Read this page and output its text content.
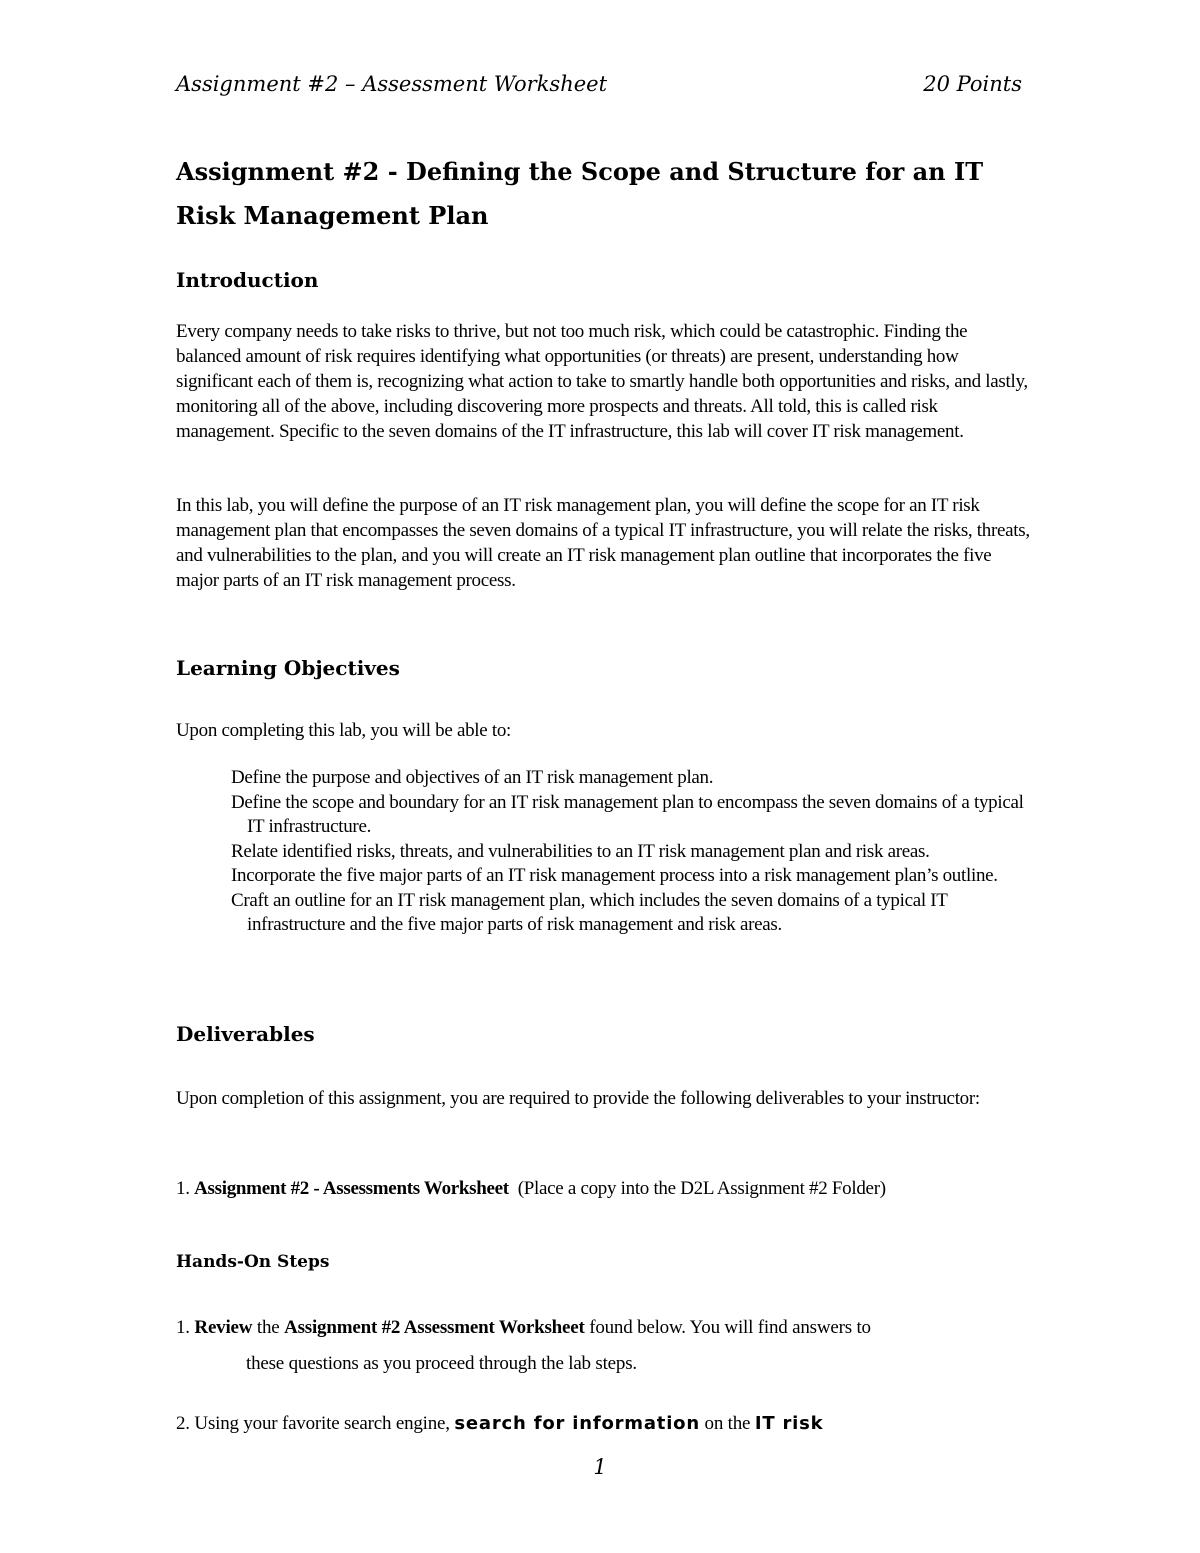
Assignment #2 – Assessment Worksheet	20 Points
Assignment #2 - Defining the Scope and Structure for an IT Risk Management Plan
Introduction
Every company needs to take risks to thrive, but not too much risk, which could be catastrophic. Finding the balanced amount of risk requires identifying what opportunities (or threats) are present, understanding how significant each of them is, recognizing what action to take to smartly handle both opportunities and risks, and lastly, monitoring all of the above, including discovering more prospects and threats. All told, this is called risk management. Specific to the seven domains of the IT infrastructure, this lab will cover IT risk management.
In this lab, you will define the purpose of an IT risk management plan, you will define the scope for an IT risk management plan that encompasses the seven domains of a typical IT infrastructure, you will relate the risks, threats, and vulnerabilities to the plan, and you will create an IT risk management plan outline that incorporates the five major parts of an IT risk management process.
Learning Objectives
Upon completing this lab, you will be able to:
Define the purpose and objectives of an IT risk management plan.
Define the scope and boundary for an IT risk management plan to encompass the seven domains of a typical IT infrastructure.
Relate identified risks, threats, and vulnerabilities to an IT risk management plan and risk areas.
Incorporate the five major parts of an IT risk management process into a risk management plan’s outline.
Craft an outline for an IT risk management plan, which includes the seven domains of a typical IT infrastructure and the five major parts of risk management and risk areas.
Deliverables
Upon completion of this assignment, you are required to provide the following deliverables to your instructor:
1. Assignment #2 - Assessments Worksheet (Place a copy into the D2L Assignment #2 Folder)
Hands-On Steps
1. Review the Assignment #2 Assessment Worksheet found below. You will find answers to
these questions as you proceed through the lab steps.
2. Using your favorite search engine, search for information on the IT risk
1
